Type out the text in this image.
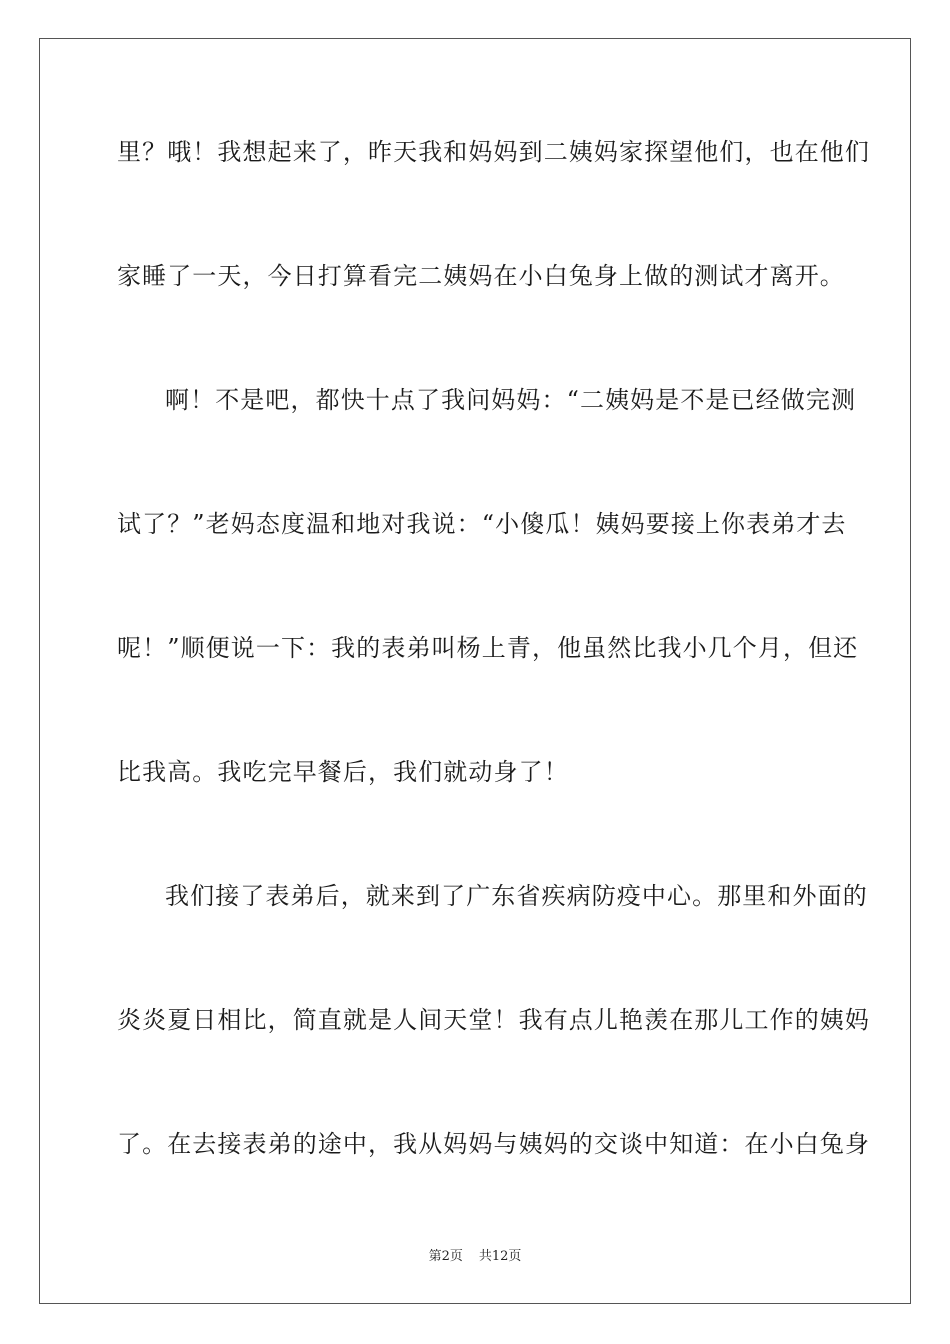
里？哦！我想起来了，昨天我和妈妈到二姨妈家探望他们，也在他们
家睡了一天，今日打算看完二姨妈在小白兔身上做的测试才离开。
啊！不是吧，都快十点了我问妈妈：“二姨妈是不是已经做完测
试了？”老妈态度温和地对我说：“小傻瓜！姨妈要接上你表弟才去
呢！”顺便说一下：我的表弟叫杨上青，他虽然比我小几个月，但还
比我高。我吃完早餐后，我们就动身了！
我们接了表弟后，就来到了广东省疾病防疫中心。那里和外面的
炎炎夏日相比，简直就是人间天堂！我有点儿艳羡在那儿工作的姨妈
了。在去接表弟的途中，我从妈妈与姨妈的交谈中知道：在小白兔身
第2页 共12页
